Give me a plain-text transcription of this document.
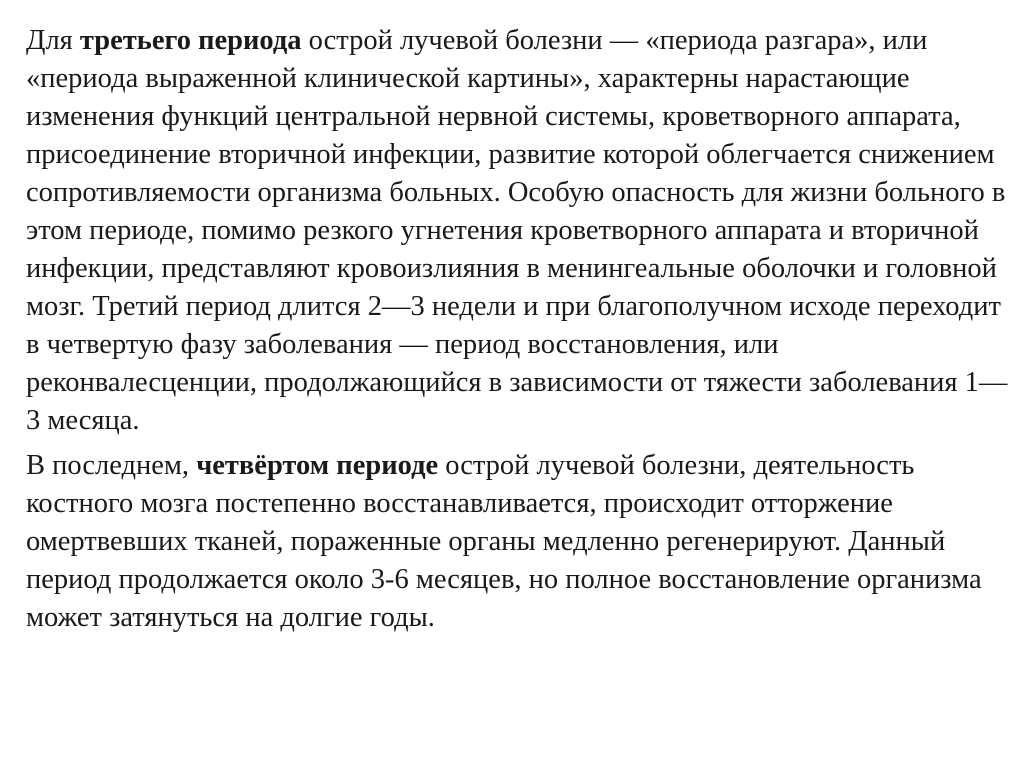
Для третьего периода острой лучевой болезни — «периода разгара», или «периода выраженной клинической картины», характерны нарастающие изменения функций центральной нервной системы, кроветворного аппарата, присоединение вторичной инфекции, развитие которой облегчается снижением сопротивляемости организма больных. Особую опасность для жизни больного в этом периоде, помимо резкого угнетения кроветворного аппарата и вторичной инфекции, представляют кровоизлияния в менингеальные оболочки и головной мозг. Третий период длится 2—3 недели и при благополучном исходе переходит в четвертую фазу заболевания — период восстановления, или реконвалесценции, продолжающийся в зависимости от тяжести заболевания 1—3 месяца.

В последнем, четвёртом периоде острой лучевой болезни, деятельность костного мозга постепенно восстанавливается, происходит отторжение омертвевших тканей, пораженные органы медленно регенерируют. Данный период продолжается около 3-6 месяцев, но полное восстановление организма может затянуться на долгие годы.
